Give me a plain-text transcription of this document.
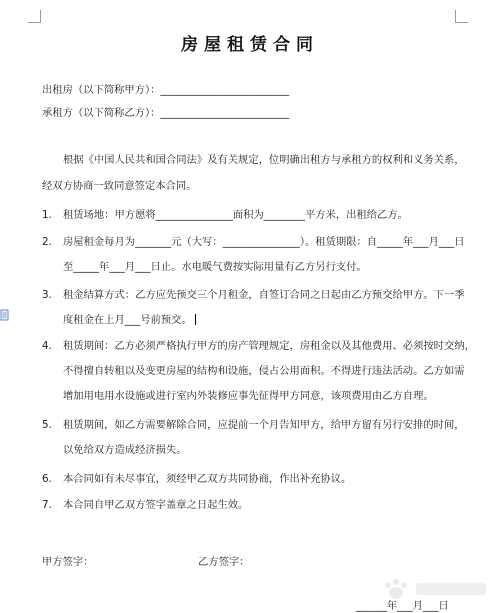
房屋租赁合同
出租房（以下简称甲方）：_________________________
承租方（以下简称乙方）：_________________________
根据《中国人民共和国合同法》及有关规定，位明确出租方与承租方的权利和义务关系，
经双方协商一致同意签定本合同。
1. 租赁场地：甲方愿将_______________面积为________平方米，出租给乙方。
2. 房屋租金每月为_______元（大写：_______________）。租赁期限：自_____年___月___日
至_____年___月___日止。水电暖气费按实际用量有乙方另行支付。
3. 租金结算方式：乙方应先预交三个月租金，自签订合同之日起由乙方预交给甲方。下一季
度租金在上月___号前预交。
4. 租赁期间：乙方必须严格执行甲方的房产管理规定，房租金以及其他费用、必须按时交纳，
不得擅自转租以及变更房屋的结构和设施，侵占公用面积。不得进行违法活动。乙方如需
增加用电用水设施或进行室内外装修应事先征得甲方同意，该项费用由乙方自理。
5. 租赁期间，如乙方需要解除合同，应提前一个月告知甲方，给甲方留有另行安排的时间，
以免给双方造成经济损失。
6. 本合同如有未尽事宜，须经甲乙双方共同协商，作出补充协议。
7. 本合同自甲乙双方签字盖章之日起生效。
甲方签字：	乙方签字：
______年___月___日
